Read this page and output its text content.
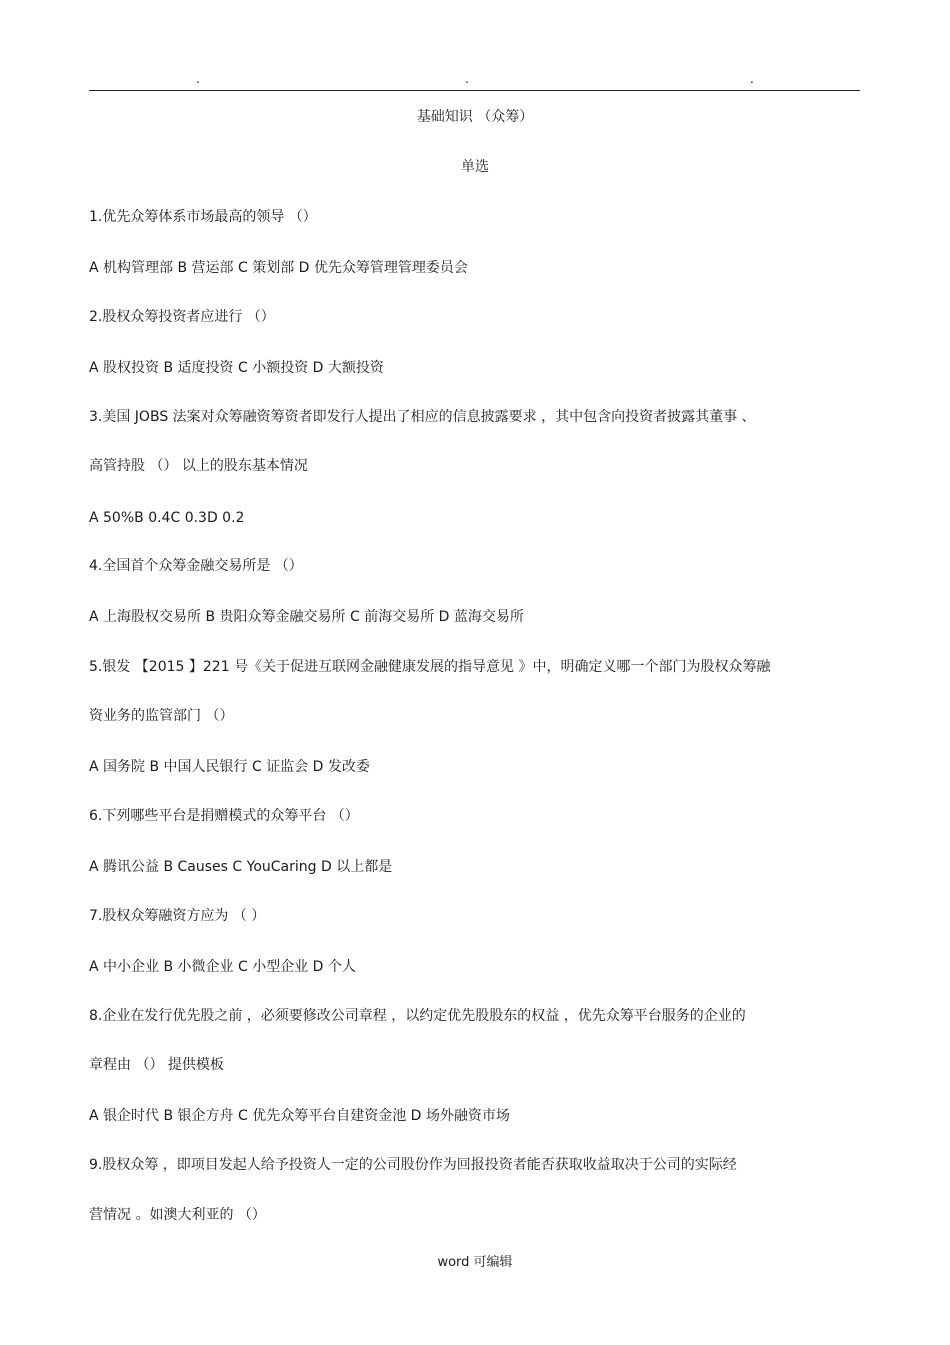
.	.	.
基础知识 （众筹）
单选
1.优先众筹体系市场最高的领导 （）
A 机构管理部 B 营运部 C 策划部 D 优先众筹管理管理委员会
2.股权众筹投资者应进行 （）
A 股权投资 B 适度投资 C 小额投资 D 大额投资
3.美国 JOBS 法案对众筹融资筹资者即发行人提出了相应的信息披露要求 ，其中包含向投资者披露其董事 、
高管持股 （） 以上的股东基本情况
A 50%B 0.4C 0.3D 0.2
4.全国首个众筹金融交易所是 （）
A 上海股权交易所 B 贵阳众筹金融交易所 C 前海交易所 D 蓝海交易所
5.银发 【2015 】221 号《关于促进互联网金融健康发展的指导意见 》中，明确定义哪一个部门为股权众筹融
资业务的监管部门 （）
A 国务院 B 中国人民银行 C 证监会 D 发改委
6.下列哪些平台是捐赠模式的众筹平台 （）
A 腾讯公益 B Causes C YouCaring D 以上都是
7.股权众筹融资方应为 （ ）
A 中小企业 B 小微企业 C 小型企业 D 个人
8.企业在发行优先股之前 ，必须要修改公司章程 ，以约定优先股股东的权益 ，优先众筹平台服务的企业的
章程由 （） 提供模板
A 银企时代 B 银企方舟 C 优先众筹平台自建资金池 D 场外融资市场
9.股权众筹 ，即项目发起人给予投资人一定的公司股份作为回报投资者能否获取收益取决于公司的实际经
营情况 。如澳大利亚的 （）
word 可编辑
